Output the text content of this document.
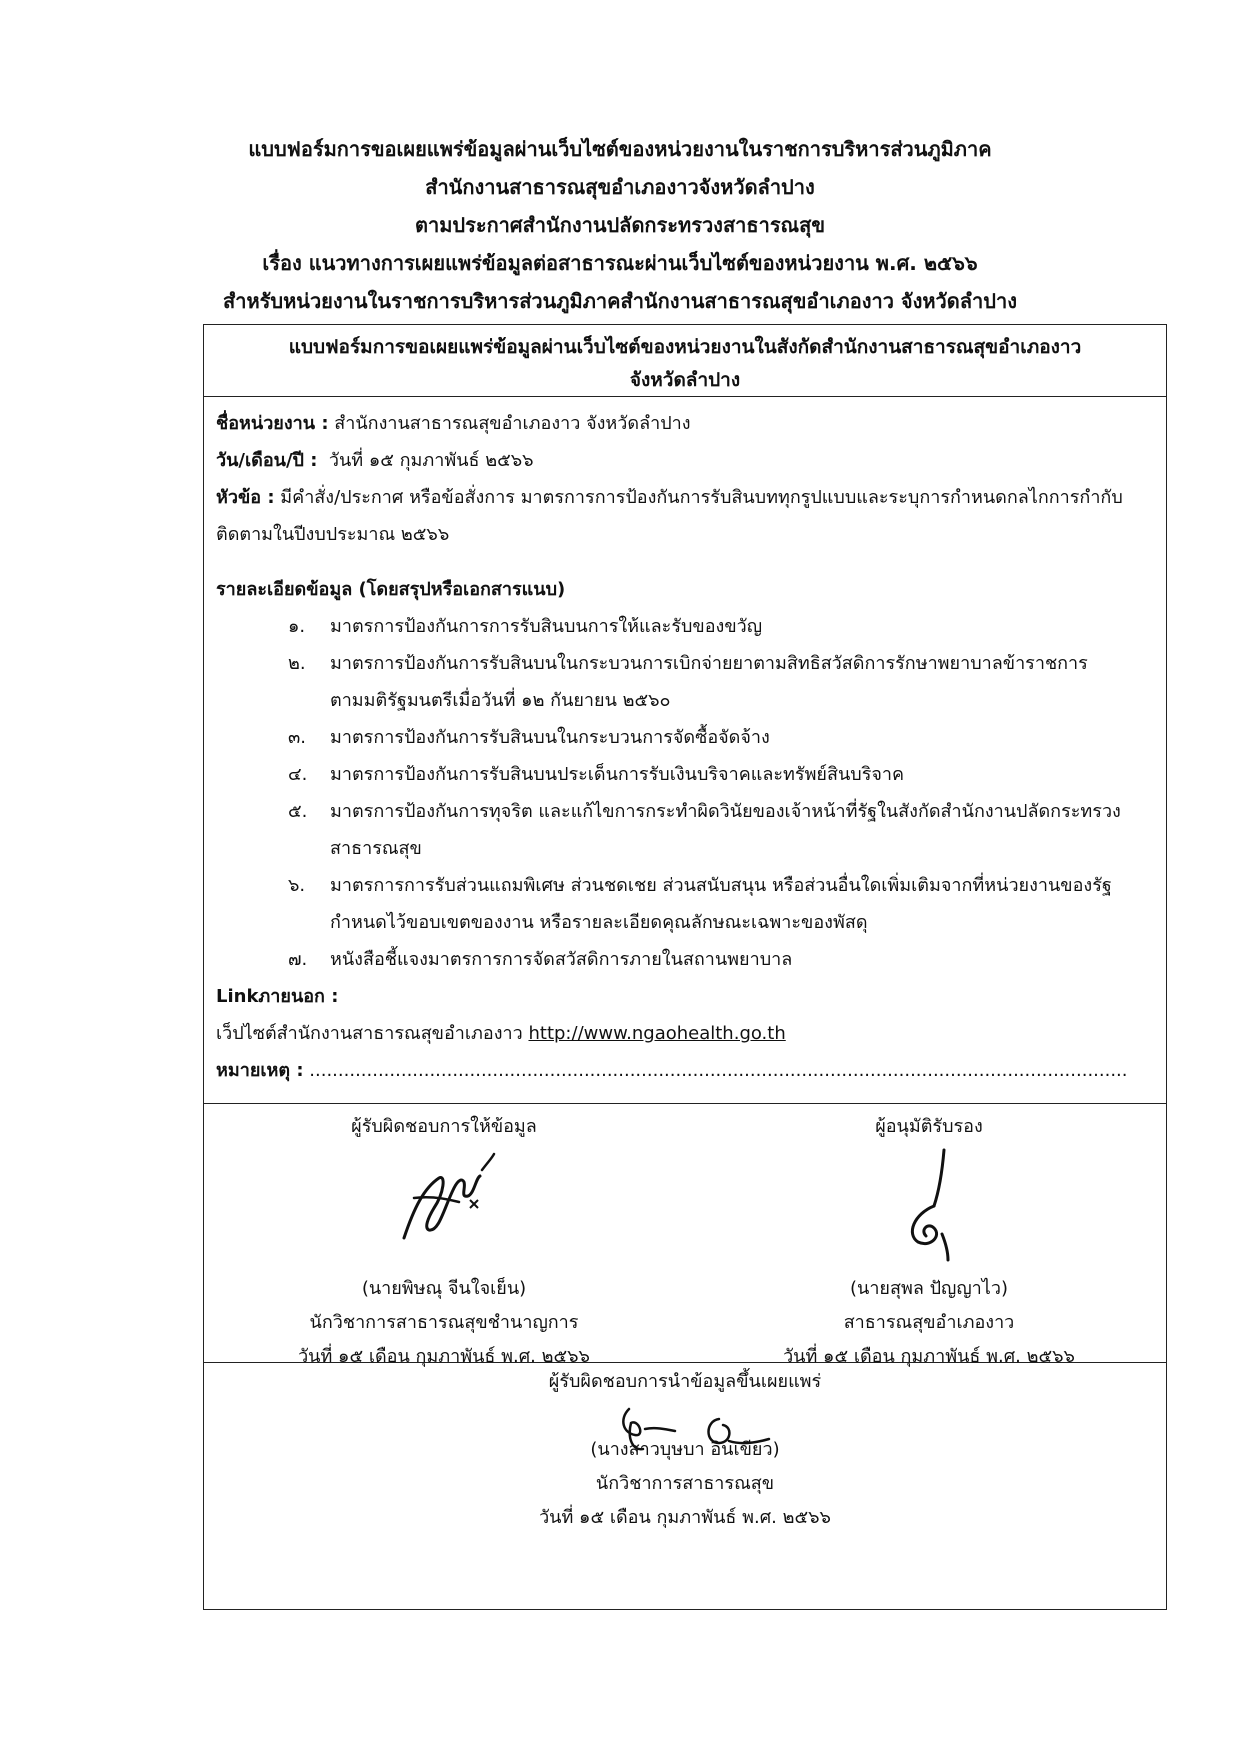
แบบฟอร์มการขอเผยแพร่ข้อมูลผ่านเว็บไซต์ของหน่วยงานในราชการบริหารส่วนภูมิภาค
สำนักงานสาธารณสุขอำเภองาวจังหวัดลำปาง
ตามประกาศสำนักงานปลัดกระทรวงสาธารณสุข
เรื่อง แนวทางการเผยแพร่ข้อมูลต่อสาธารณะผ่านเว็บไซต์ของหน่วยงาน พ.ศ. ๒๕๖๖
สำหรับหน่วยงานในราชการบริหารส่วนภูมิภาคสำนักงานสาธารณสุขอำเภองาว จังหวัดลำปาง
แบบฟอร์มการขอเผยแพร่ข้อมูลผ่านเว็บไซต์ของหน่วยงานในสังกัดสำนักงานสาธารณสุขอำเภองาว
จังหวัดลำปาง
ชื่อหน่วยงาน : สำนักงานสาธารณสุขอำเภองาว จังหวัดลำปาง
วัน/เดือน/ปี : วันที่ ๑๕ กุมภาพันธ์ ๒๕๖๖
หัวข้อ : มีคำสั่ง/ประกาศ หรือข้อสั่งการ มาตรการการป้องกันการรับสินบททุกรูปแบบและระบุการกำหนดกลไกการกำกับติดตามในปีงบประมาณ ๒๕๖๖
รายละเอียดข้อมูล (โดยสรุปหรือเอกสารแนบ)
๑.	มาตรการป้องกันการการรับสินบนการให้และรับของขวัญ
๒.	มาตรการป้องกันการรับสินบนในกระบวนการเบิกจ่ายยาตามสิทธิสวัสดิการรักษาพยาบาลข้าราชการ ตามมติรัฐมนตรีเมื่อวันที่ ๑๒ กันยายน ๒๕๖๐
๓.	มาตรการป้องกันการรับสินบนในกระบวนการจัดซื้อจัดจ้าง
๔.	มาตรการป้องกันการรับสินบนประเด็นการรับเงินบริจาคและทรัพย์สินบริจาค
๕.	มาตรการป้องกันการทุจริต และแก้ไขการกระทำผิดวินัยของเจ้าหน้าที่รัฐในสังกัดสำนักงานปลัดกระทรวงสาธารณสุข
๖.	มาตรการการรับส่วนแถมพิเศษ ส่วนชดเชย ส่วนสนับสนุน หรือส่วนอื่นใดเพิ่มเติมจากที่หน่วยงานของรัฐกำหนดไว้ขอบเขตของงาน หรือรายละเอียดคุณลักษณะเฉพาะของพัสดุ
๗.	หนังสือชี้แจงมาตรการการจัดสวัสดิการภายในสถานพยาบาล
Linkภายนอก :
เว็ปไซต์สำนักงานสาธารณสุขอำเภองาว http://www.ngaohealth.go.th
หมายเหตุ : ...............................................................................................................................................
ผู้รับผิดชอบการให้ข้อมูล
(นายพิษณุ จีนใจเย็น)
นักวิชาการสาธารณสุขชำนาญการ
วันที่ ๑๕ เดือน กุมภาพันธ์ พ.ศ. ๒๕๖๖
ผู้อนุมัติรับรอง
(นายสุพล ปัญญาไว)
สาธารณสุขอำเภองาว
วันที่ ๑๕ เดือน กุมภาพันธ์ พ.ศ. ๒๕๖๖
ผู้รับผิดชอบการนำข้อมูลขึ้นเผยแพร่
(นางสาวบุษบา อินเขียว)
นักวิชาการสาธารณสุข
วันที่ ๑๕ เดือน กุมภาพันธ์ พ.ศ. ๒๕๖๖
